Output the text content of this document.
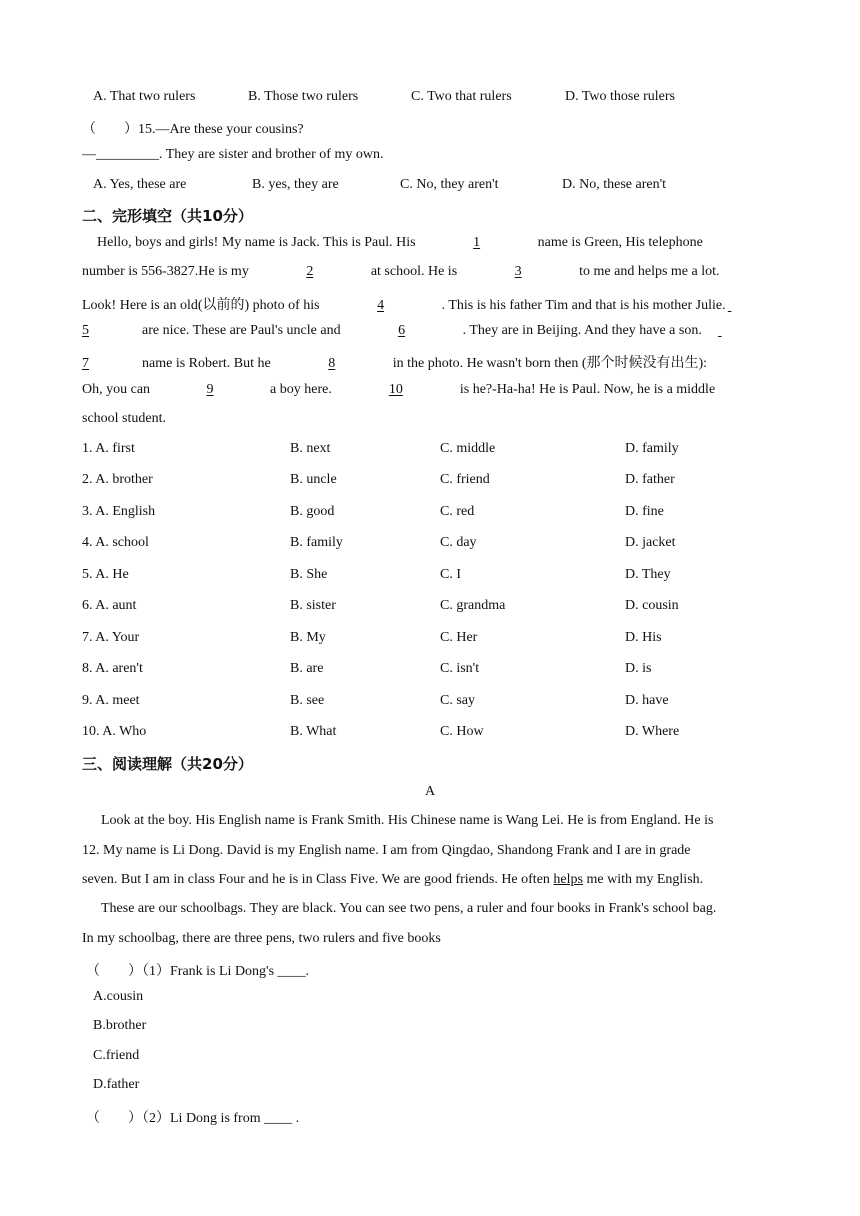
A. That two rulers	B. Those two rulers	C. Two that rulers	D. Two those rulers
（　　）15.—Are these your cousins?
—_________. They are sister and brother of my own.
A. Yes, these are	B. yes, they are	C. No, they aren't	D. No, these aren't
二、完形填空（共10分）
Hello, boys and girls! My name is Jack. This is Paul. His	1	name is Green, His telephone
number is 556-3827.He is my	2	at school. He is	3	to me and helps me a lot.
Look! Here is an old(以前的) photo of his	4	. This is his father Tim and that is his mother Julie.
5	are nice. These are Paul's uncle and	6	. They are in Beijing. And they have a son.
7	name is Robert. But he	8	in the photo. He wasn't born then (那个时候没有出生):
Oh, you can	9	a boy here.	10	is he?-Ha-ha! He is Paul. Now, he is a middle
school student.
1. A. first	B. next	C. middle	D. family
2. A. brother	B. uncle	C. friend	D. father
3. A. English	B. good	C. red	D. fine
4. A. school	B. family	C. day	D. jacket
5. A. He	B. She	C. I	D. They
6. A. aunt	B. sister	C. grandma	D. cousin
7. A. Your	B. My	C. Her	D. His
8. A. aren't	B. are	C. isn't	D. is
9. A. meet	B. see	C. say	D. have
10. A. Who	B. What	C. How	D. Where
三、阅读理解（共20分）
A
Look at the boy. His English name is Frank Smith. His Chinese name is Wang Lei. He is from England. He is
12. My name is Li Dong. David is my English name. I am from Qingdao, Shandong Frank and I are in grade
seven. But I am in class Four and he is in Class Five. We are good friends. He often helps me with my English.
These are our schoolbags. They are black. You can see two pens, a ruler and four books in Frank's school bag.
In my schoolbag, there are three pens, two rulers and five books
（　　）（1）Frank is Li Dong's ____.
A.cousin
B.brother
C.friend
D.father
（　　）（2）Li Dong is from ____ .
